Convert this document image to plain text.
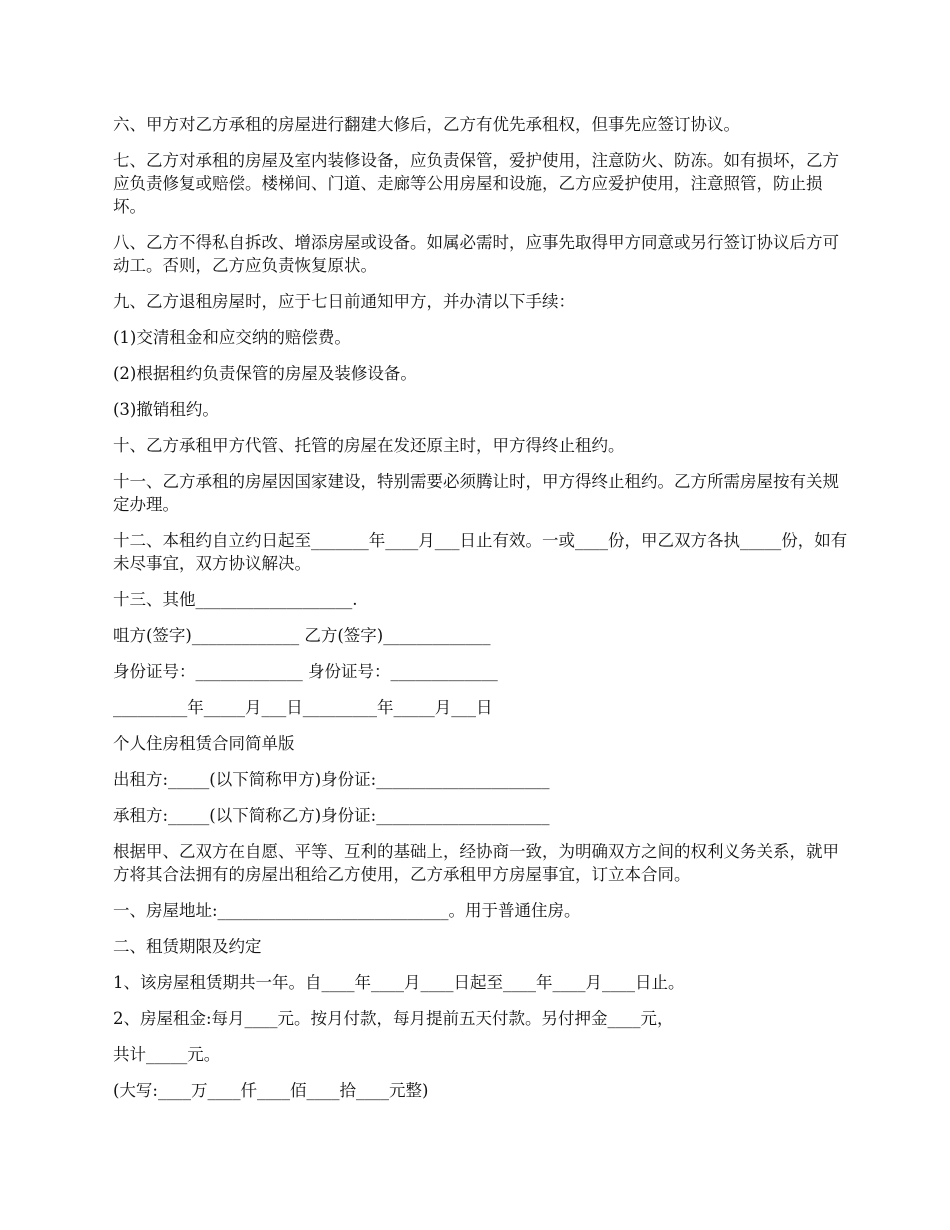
六、甲方对乙方承租的房屋进行翻建大修后，乙方有优先承租权，但事先应签订协议。

七、乙方对承租的房屋及室内装修设备，应负责保管，爱护使用，注意防火、防冻。如有损坏，乙方应负责修复或赔偿。楼梯间、门道、走廊等公用房屋和设施，乙方应爱护使用，注意照管，防止损坏。

八、乙方不得私自拆改、增添房屋或设备。如属必需时，应事先取得甲方同意或另行签订协议后方可动工。否则，乙方应负责恢复原状。

九、乙方退租房屋时，应于七日前通知甲方，并办清以下手续：

(1)交清租金和应交纳的赔偿费。

(2)根据租约负责保管的房屋及装修设备。

(3)撤销租约。

十、乙方承租甲方代管、托管的房屋在发还原主时，甲方得终止租约。

十一、乙方承租的房屋因国家建设，特别需要必须腾让时，甲方得终止租约。乙方所需房屋按有关规定办理。

十二、本租约自立约日起至_______年____月___日止有效。一或____份，甲乙双方各执_____份，如有未尽事宜，双方协议解决。

十三、其他___________________.

咀方(签字)_____________ 乙方(签字)_____________

身份证号：_____________ 身份证号：_____________

_________年_____月___日_________年_____月___日

个人住房租赁合同简单版

出租方:_____(以下简称甲方)身份证:_____________________

承租方:_____(以下简称乙方)身份证:_____________________

根据甲、乙双方在自愿、平等、互利的基础上，经协商一致，为明确双方之间的权利义务关系，就甲方将其合法拥有的房屋出租给乙方使用，乙方承租甲方房屋事宜，订立本合同。

一、房屋地址:____________________________。用于普通住房。

二、租赁期限及约定

1、该房屋租赁期共一年。自____年____月____日起至____年____月____日止。

2、房屋租金:每月____元。按月付款，每月提前五天付款。另付押金____元，

共计_____元。

(大写:____万____仟____佰____拾____元整)
